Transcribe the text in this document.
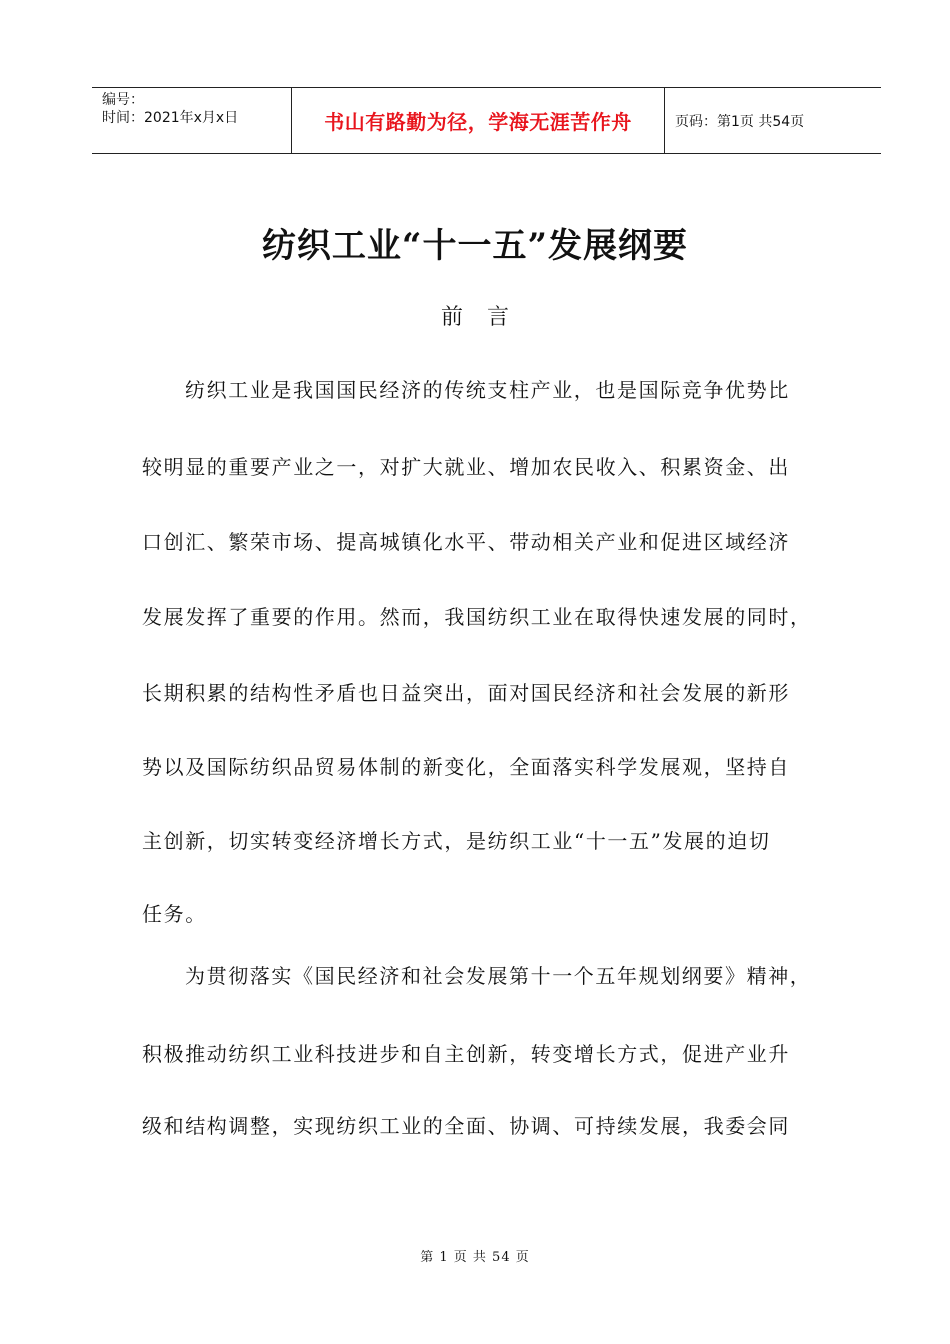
编号：
时间：2021年x月x日	书山有路勤为径，学海无涯苦作舟	页码：第1页 共54页
纺织工业“十一五”发展纲要
前言
纺织工业是我国国民经济的传统支柱产业，也是国际竞争优势比
较明显的重要产业之一，对扩大就业、增加农民收入、积累资金、出
口创汇、繁荣市场、提高城镇化水平、带动相关产业和促进区域经济
发展发挥了重要的作用。然而，我国纺织工业在取得快速发展的同时，
长期积累的结构性矛盾也日益突出，面对国民经济和社会发展的新形
势以及国际纺织品贸易体制的新变化，全面落实科学发展观，坚持自
主创新，切实转变经济增长方式，是纺织工业“十一五”发展的迫切
任务。
为贯彻落实《国民经济和社会发展第十一个五年规划纲要》精神，
积极推动纺织工业科技进步和自主创新，转变增长方式，促进产业升
级和结构调整，实现纺织工业的全面、协调、可持续发展，我委会同
第 1 页 共 54 页
